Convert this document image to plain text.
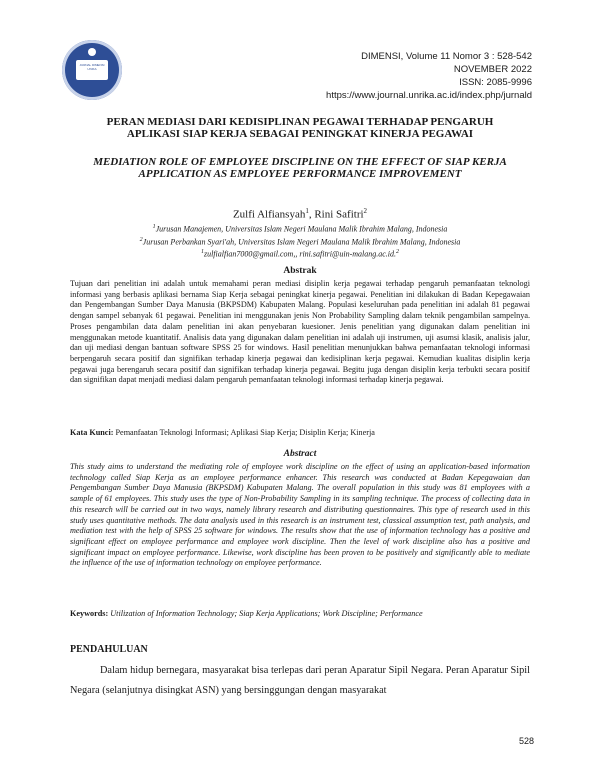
JURNAL DIMENSI UNIKA
DIMENSI, Volume 11 Nomor 3 : 528-542
NOVEMBER 2022
ISSN: 2085-9996
https://www.journal.unrika.ac.id/index.php/jurnald
PERAN MEDIASI DARI KEDISIPLINAN PEGAWAI TERHADAP PENGARUH
APLIKASI SIAP KERJA SEBAGAI PENINGKAT KINERJA PEGAWAI
MEDIATION ROLE OF EMPLOYEE DISCIPLINE ON THE EFFECT OF SIAP KERJA
APPLICATION AS EMPLOYEE PERFORMANCE IMPROVEMENT
Zulfi Alfiansyah$^1$, Rini Safitri$^2$
$^1$Jurusan Manajemen, Universitas Islam Negeri Maulana Malik Ibrahim Malang, Indonesia
$^2$Jurusan Perbankan Syari'ah, Universitas Islam Negeri Maulana Malik Ibrahim Malang, Indonesia
$^1$zulfialfian7000@gmail.com,, rini.safitri@uin-malang.ac.id.$^2$
Abstrak
Tujuan dari penelitian ini adalah untuk memahami peran mediasi disiplin kerja pegawai terhadap pengaruh pemanfaatan teknologi informasi yang berbasis aplikasi bernama Siap Kerja sebagai peningkat kinerja pegawai. Penelitian ini dilakukan di Badan Kepegawaian dan Pengembangan Sumber Daya Manusia (BKPSDM) Kabupaten Malang. Populasi keseluruhan pada penelitian ini adalah 81 pegawai dengan sampel sebanyak 61 pegawai. Penelitian ini menggunakan jenis Non Probability Sampling dalam teknik pengambilan sampelnya. Proses pengambilan data dalam penelitian ini akan penyebaran kuesioner. Jenis penelitian yang digunakan dalam penelitian ini menggunakan metode kuantitatif. Analisis data yang digunakan dalam penelitian ini adalah uji instrumen, uji asumsi klasik, analisis jalur, dan uji mediasi dengan bantuan software SPSS 25 for windows. Hasil penelitian menunjukkan bahwa pemanfaatan teknologi informasi berpengaruh secara positif dan signifikan terhadap kinerja pegawai dan kedisiplinan kerja pegawai. Kemudian kualitas disiplin kerja pegawai juga berengaruh secara positif dan signifikan terhadap kinerja pegawai. Begitu juga dengan disiplin kerja terbukti secara positif dan signifikan dapat menjadi mediasi dalam pengaruh pemanfaatan teknologi informasi terhadap kinerja pegawai.
Kata Kunci: Pemanfaatan Teknologi Informasi; Aplikasi Siap Kerja; Disiplin Kerja; Kinerja
Abstract
This study aims to understand the mediating role of employee work discipline on the effect of using an application-based information technology called Siap Kerja as an employee performance enhancer. This research was conducted at Badan Kepegawaian dan Pengembangan Sumber Daya Manusia (BKPSDM) Kabupaten Malang. The overall population in this study was 81 employees with a sample of 61 employees. This study uses the type of Non-Probability Sampling in its sampling technique. The process of collecting data in this research will be carried out in two ways, namely library research and distributing questionnaires. This type of research used in this study uses quantitative methods. The data analysis used in this research is an instrument test, classical assumption test, path analysis, and mediation test with the help of SPSS 25 software for windows. The results show that the use of information technology has a positive and significant effect on employee performance and employee work discipline. Then the level of work discipline also has a positive and significant impact on employee performance. Likewise, work discipline has been proven to be positively and significantly able to mediate the influence of the use of information technology on employee performance.
Keywords: Utilization of Information Technology; Siap Kerja Applications; Work Discipline; Performance
PENDAHULUAN
Dalam hidup bernegara, masyarakat bisa terlepas dari peran Aparatur Sipil Negara. Peran Aparatur Sipil Negara (selanjutnya disingkat ASN) yang bersinggungan dengan masyarakat
528
